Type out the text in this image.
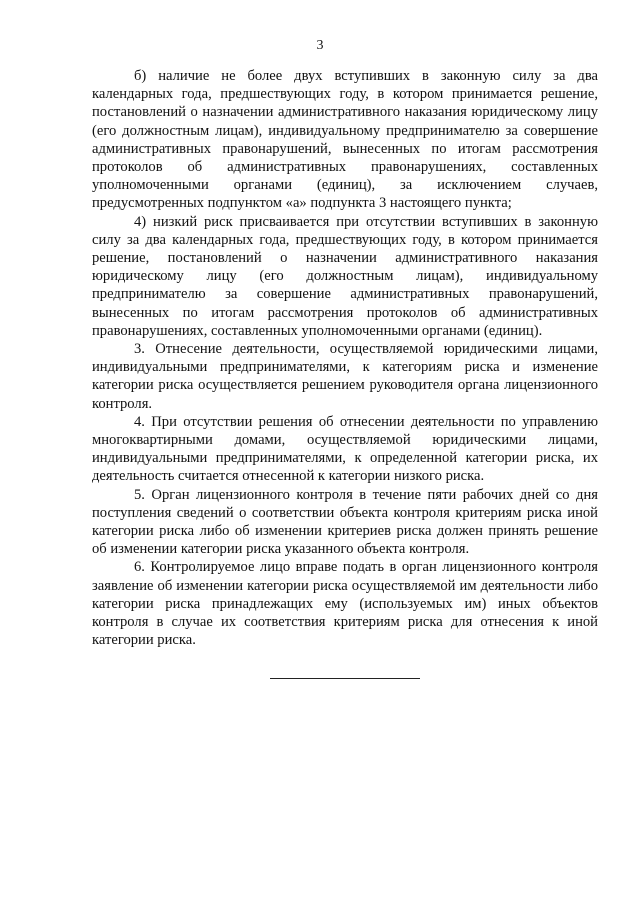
3

б) наличие не более двух вступивших в законную силу за два календарных года, предшествующих году, в котором принимается решение, постановлений о назначении административного наказания юридическому лицу (его должностным лицам), индивидуальному предпринимателю за совершение административных правонарушений, вынесенных по итогам рассмотрения протоколов об административных правонарушениях, составленных уполномоченными органами (единиц), за исключением случаев, предусмотренных подпунктом «а» подпункта 3 настоящего пункта;

4) низкий риск присваивается при отсутствии вступивших в законную силу за два календарных года, предшествующих году, в котором принимается решение, постановлений о назначении административного наказания юридическому лицу (его должностным лицам), индивидуальному предпринимателю за совершение административных правонарушений, вынесенных по итогам рассмотрения протоколов об административных правонарушениях, составленных уполномоченными органами (единиц).

3. Отнесение деятельности, осуществляемой юридическими лицами, индивидуальными предпринимателями, к категориям риска и изменение категории риска осуществляется решением руководителя органа лицензионного контроля.

4. При отсутствии решения об отнесении деятельности по управлению многоквартирными домами, осуществляемой юридическими лицами, индивидуальными предпринимателями, к определенной категории риска, их деятельность считается отнесенной к категории низкого риска.

5. Орган лицензионного контроля в течение пяти рабочих дней со дня поступления сведений о соответствии объекта контроля критериям риска иной категории риска либо об изменении критериев риска должен принять решение об изменении категории риска указанного объекта контроля.

6. Контролируемое лицо вправе подать в орган лицензионного контроля заявление об изменении категории риска осуществляемой им деятельности либо категории риска принадлежащих ему (используемых им) иных объектов контроля в случае их соответствия критериям риска для отнесения к иной категории риска.
